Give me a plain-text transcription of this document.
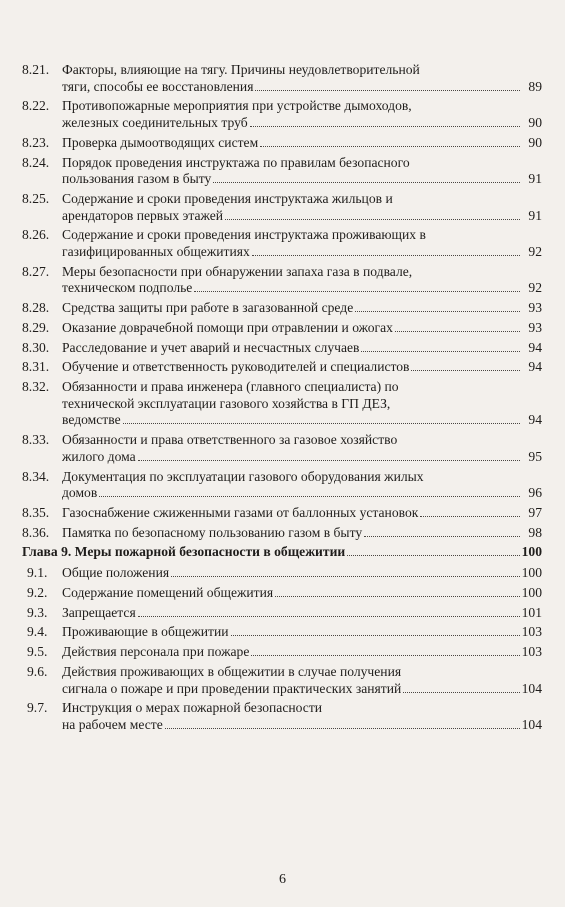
8.21. Факторы, влияющие на тягу. Причины неудовлетворительной
тяги, способы ее восстановления	89
8.22. Противопожарные мероприятия при устройстве дымоходов,
железных соединительных труб	90
8.23. Проверка дымоотводящих систем	90
8.24. Порядок проведения инструктажа по правилам безопасного
пользования газом в быту	91
8.25. Содержание и сроки проведения инструктажа жильцов и
арендаторов первых этажей	91
8.26. Содержание и сроки проведения инструктажа проживающих в
газифицированных общежитиях	92
8.27. Меры безопасности при обнаружении запаха газа в подвале,
техническом подполье	92
8.28. Средства защиты при работе в загазованной среде	93
8.29. Оказание доврачебной помощи при отравлении и ожогах	93
8.30. Расследование и учет аварий и несчастных случаев	94
8.31. Обучение и ответственность руководителей и специалистов	94
8.32. Обязанности и права инженера (главного специалиста) по
технической эксплуатации газового хозяйства в ГП ДЕЗ,
ведомстве	94
8.33. Обязанности и права ответственного за газовое хозяйство
жилого дома	95
8.34. Документация по эксплуатации газового оборудования жилых
домов	96
8.35. Газоснабжение сжиженными газами от баллонных установок	97
8.36. Памятка по безопасному пользованию газом в быту	98
Глава 9. Меры пожарной безопасности в общежитии	100
9.1.	Общие положения	100
9.2.	Содержание помещений общежития	100
9.3.	Запрещается	101
9.4.	Проживающие в общежитии	103
9.5.	Действия персонала при пожаре	103
9.6.	Действия проживающих в общежитии в случае получения
сигнала о пожаре и при проведении практических занятий	104
9.7.	Инструкция о мерах пожарной безопасности
на рабочем месте	104
6
